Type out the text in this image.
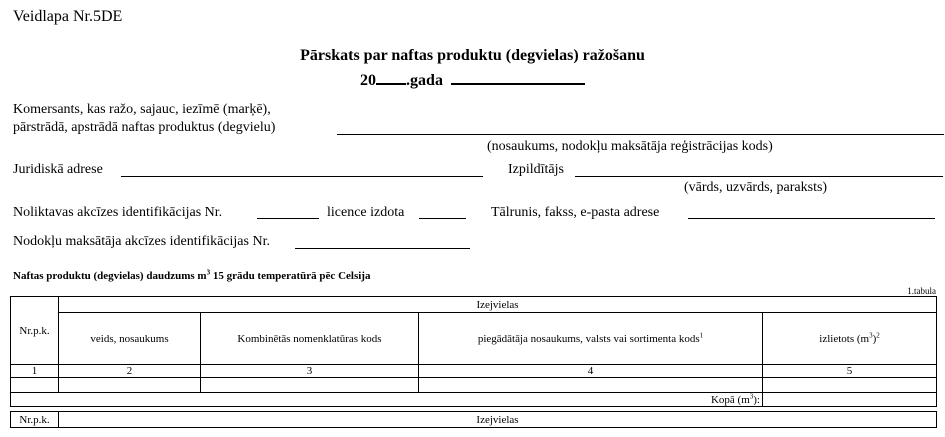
Veidlapa Nr.5DE
Pārskats par naftas produktu (degvielas) ražošanu
20 .gada
Komersants, kas ražo, sajauc, iezīmē (marķē),
pārstrādā, apstrādā naftas produktus (degvielu)
(nosaukums, nodokļu maksātāja reģistrācijas kods)
Juridiskā adrese	Izpildītājs
(vārds, uzvārds, paraksts)
Noliktavas akcīzes identifikācijas Nr.	licence izdota	Tālrunis, fakss, e-pasta adrese
Nodokļu maksātāja akcīzes identifikācijas Nr.
Naftas produktu (degvielas) daudzums $m^3$ 15 grādu temperatūrā pēc Celsija
1.tabula
Nr.p.k.	Izejvielas			
	veids, nosaukums	Kombinētās nomenklatūras kods	piegādātāja nosaukums, valsts vai sortimenta kods$^1$	izlietots $(m^3)^2$
1	2	3	4	5

Kopā $(m^3)$:				
Nr.p.k.	Izejvielas
